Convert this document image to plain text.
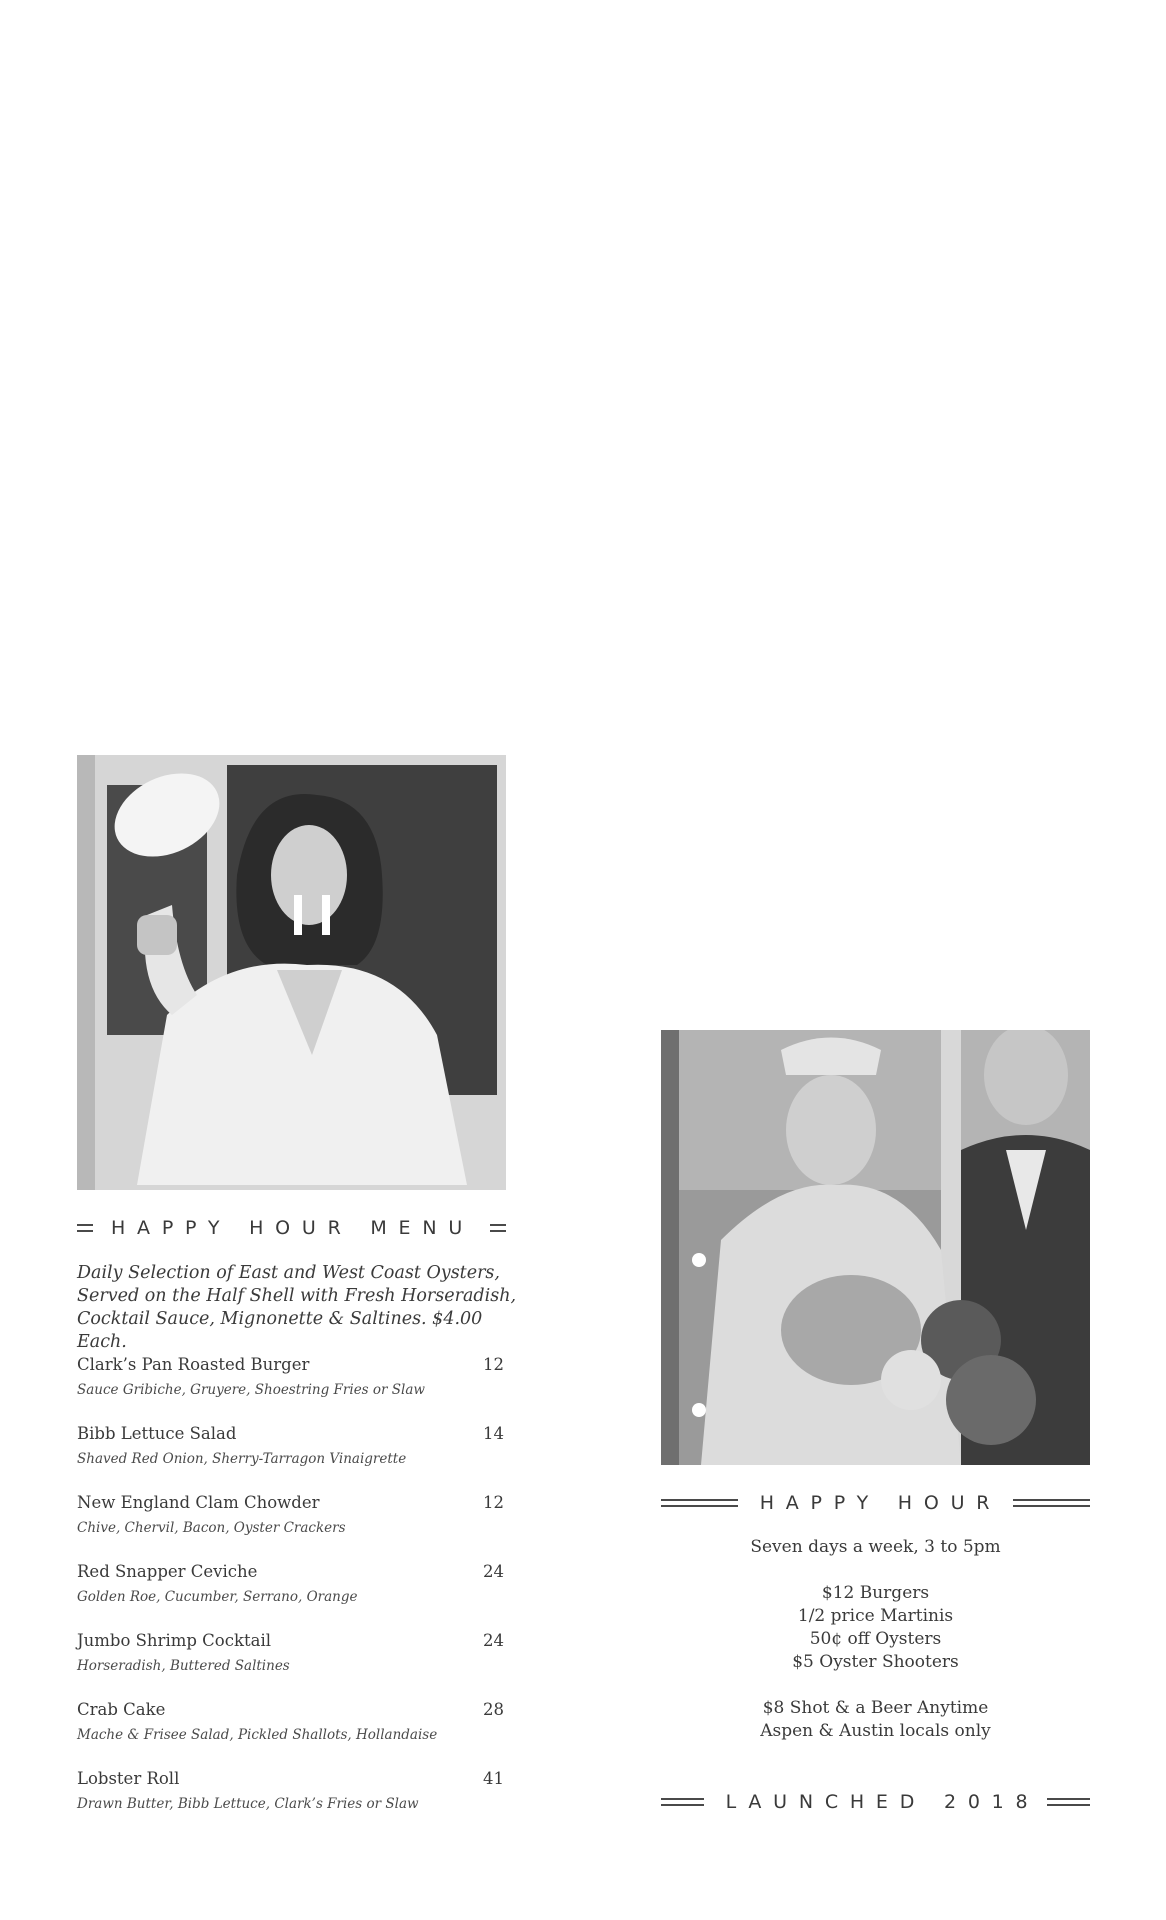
HAPPY HOUR MENU
Daily Selection of East and West Coast Oysters,
Served on the Half Shell with Fresh Horseradish,
Cocktail Sauce, Mignonette & Saltines. $4.00 Each.
Clark’s Pan Roasted Burger	12
Sauce Gribiche, Gruyere, Shoestring Fries or Slaw
Bibb Lettuce Salad	14
Shaved Red Onion, Sherry-Tarragon Vinaigrette
New England Clam Chowder	12
Chive, Chervil, Bacon, Oyster Crackers
Red Snapper Ceviche	24
Golden Roe, Cucumber, Serrano, Orange
Jumbo Shrimp Cocktail	24
Horseradish, Buttered Saltines
Crab Cake	28
Mache & Frisee Salad, Pickled Shallots, Hollandaise
Lobster Roll	41
Drawn Butter, Bibb Lettuce, Clark’s Fries or Slaw
HAPPY HOUR
Seven days a week, 3 to 5pm
$12 Burgers
1/2 price Martinis
50¢ off Oysters
$5 Oyster Shooters
$8 Shot & a Beer Anytime
Aspen & Austin locals only
LAUNCHED 2018
